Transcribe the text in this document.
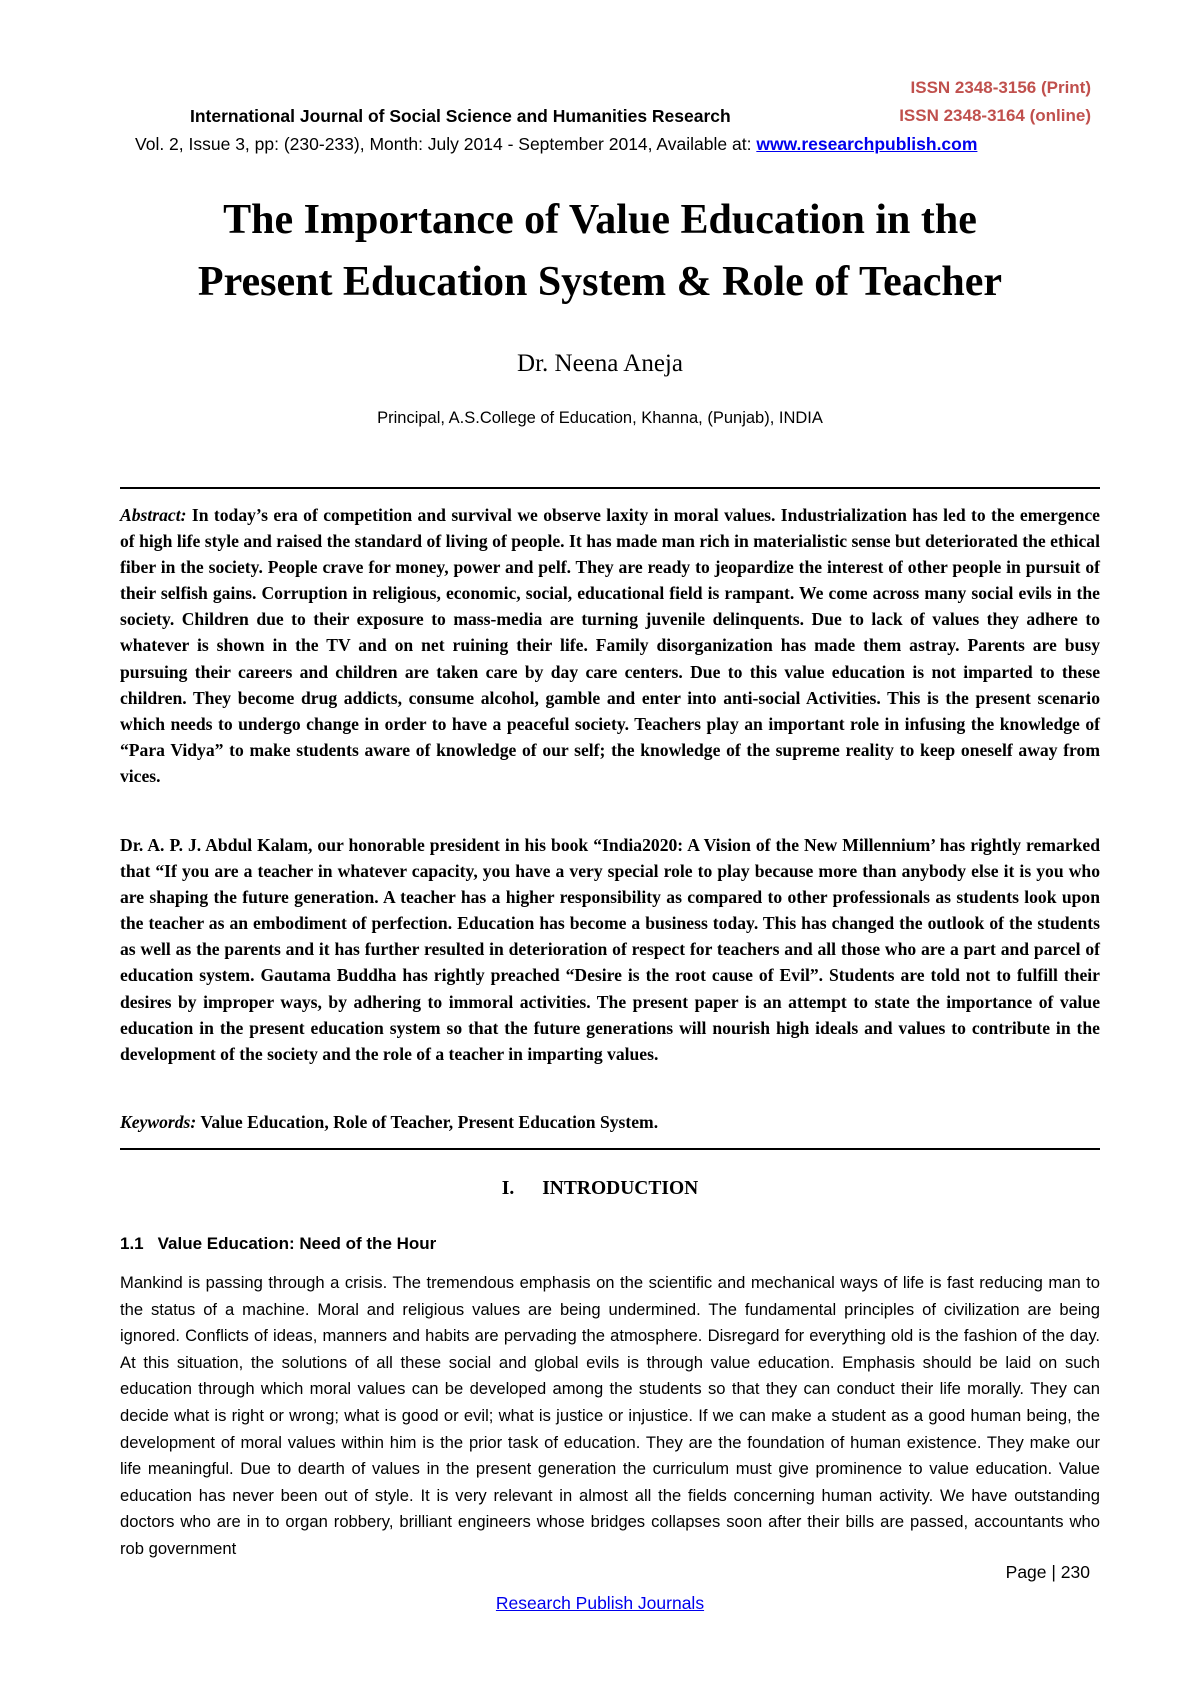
ISSN 2348-3156 (Print)
International Journal of Social Science and Humanities Research	ISSN 2348-3164 (online)
Vol. 2, Issue 3, pp: (230-233), Month: July 2014 - September 2014, Available at: www.researchpublish.com
The Importance of Value Education in the
Present Education System & Role of Teacher
Dr. Neena Aneja
Principal, A.S.College of Education, Khanna, (Punjab), INDIA

Abstract: In today’s era of competition and survival we observe laxity in moral values. Industrialization has led to the emergence of high life style and raised the standard of living of people. It has made man rich in materialistic sense but deteriorated the ethical fiber in the society. People crave for money, power and pelf. They are ready to jeopardize the interest of other people in pursuit of their selfish gains. Corruption in religious, economic, social, educational field is rampant. We come across many social evils in the society. Children due to their exposure to mass-media are turning juvenile delinquents. Due to lack of values they adhere to whatever is shown in the TV and on net ruining their life. Family disorganization has made them astray. Parents are busy pursuing their careers and children are taken care by day care centers. Due to this value education is not imparted to these children. They become drug addicts, consume alcohol, gamble and enter into anti-social Activities. This is the present scenario which needs to undergo change in order to have a peaceful society. Teachers play an important role in infusing the knowledge of “Para Vidya” to make students aware of knowledge of our self; the knowledge of the supreme reality to keep oneself away from vices.

Dr. A. P. J. Abdul Kalam, our honorable president in his book “India2020: A Vision of the New Millennium’ has rightly remarked that “If you are a teacher in whatever capacity, you have a very special role to play because more than anybody else it is you who are shaping the future generation. A teacher has a higher responsibility as compared to other professionals as students look upon the teacher as an embodiment of perfection. Education has become a business today. This has changed the outlook of the students as well as the parents and it has further resulted in deterioration of respect for teachers and all those who are a part and parcel of education system. Gautama Buddha has rightly preached “Desire is the root cause of Evil”. Students are told not to fulfill their desires by improper ways, by adhering to immoral activities. The present paper is an attempt to state the importance of value education in the present education system so that the future generations will nourish high ideals and values to contribute in the development of the society and the role of a teacher in imparting values.

Keywords: Value Education, Role of Teacher, Present Education System.
I. INTRODUCTION
1.1 Value Education: Need of the Hour

Mankind is passing through a crisis. The tremendous emphasis on the scientific and mechanical ways of life is fast reducing man to the status of a machine. Moral and religious values are being undermined. The fundamental principles of civilization are being ignored. Conflicts of ideas, manners and habits are pervading the atmosphere. Disregard for everything old is the fashion of the day. At this situation, the solutions of all these social and global evils is through value education. Emphasis should be laid on such education through which moral values can be developed among the students so that they can conduct their life morally. They can decide what is right or wrong; what is good or evil; what is justice or injustice. If we can make a student as a good human being, the development of moral values within him is the prior task of education. They are the foundation of human existence. They make our life meaningful. Due to dearth of values in the present generation the curriculum must give prominence to value education. Value education has never been out of style. It is very relevant in almost all the fields concerning human activity. We have outstanding doctors who are in to organ robbery, brilliant engineers whose bridges collapses soon after their bills are passed, accountants who rob government

Page | 230
Research Publish Journals
